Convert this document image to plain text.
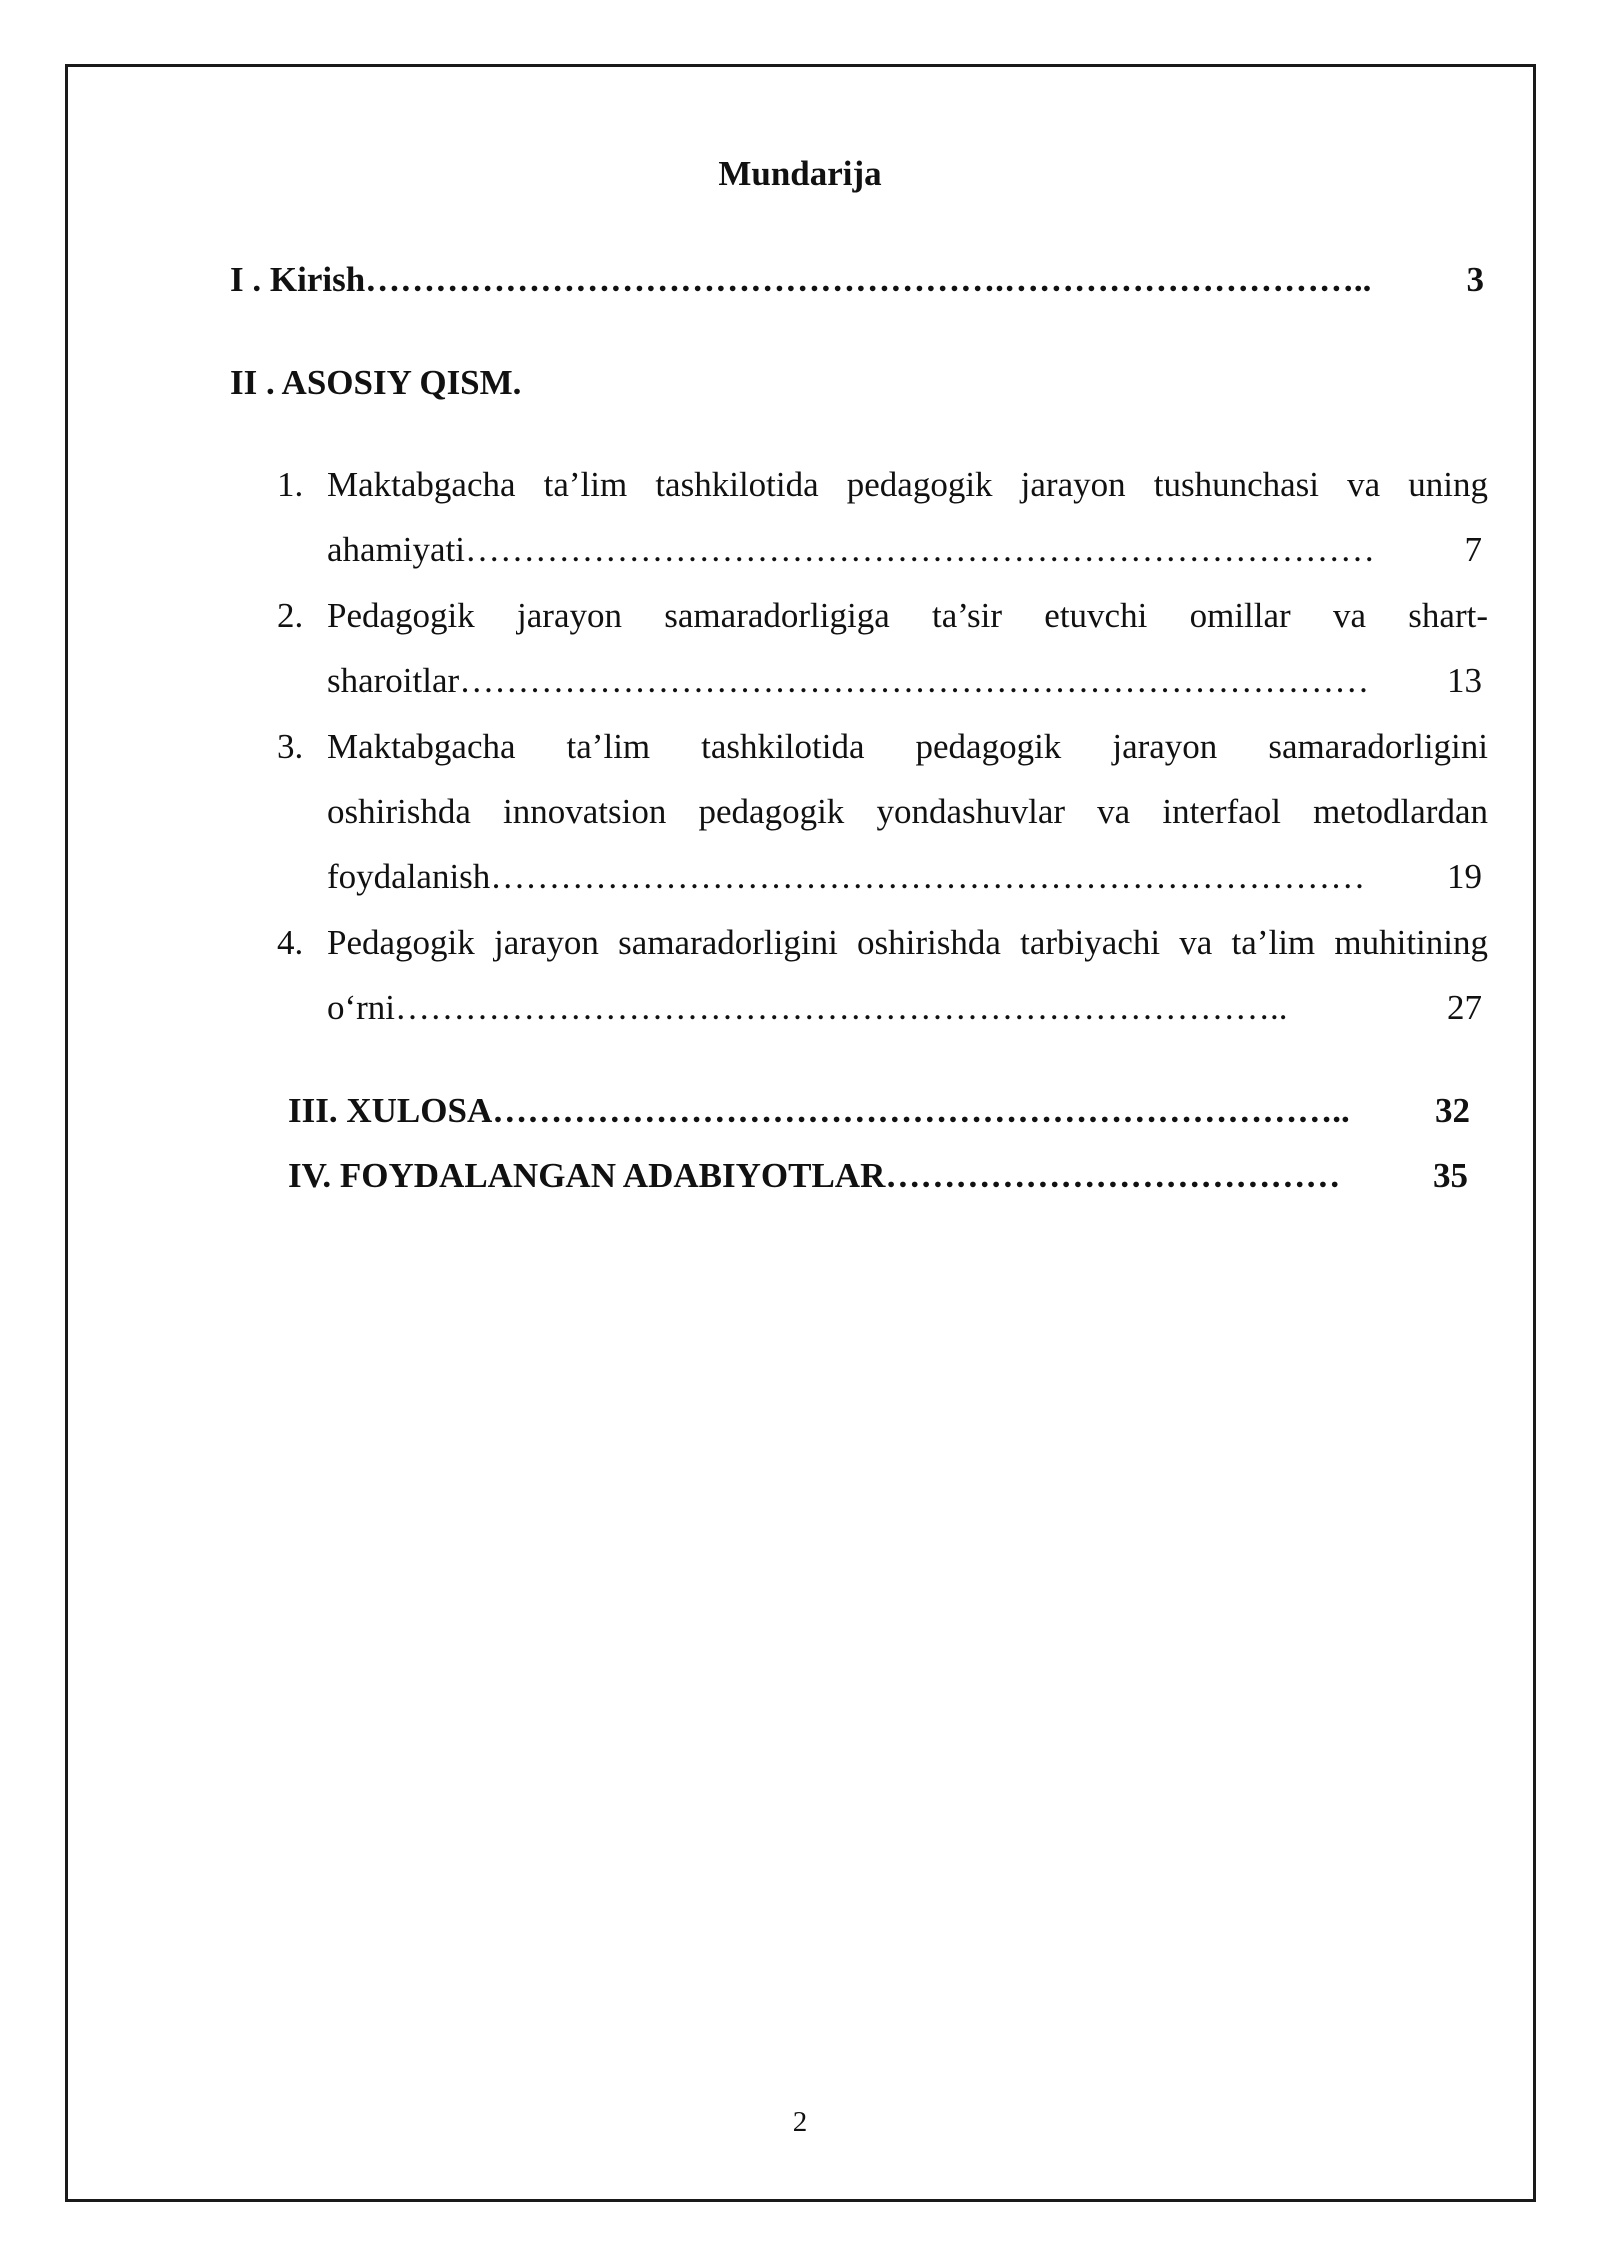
Mundarija
I . Kirish ……………………………………………….…………………………..	3
II . ASOSIY QISM.
1. Maktabgacha ta’lim tashkilotida pedagogik jarayon tushunchasi va uning
ahamiyati ……………………………………………………………………	7
2. Pedagogik jarayon samaradorligiga ta’sir etuvchi omillar va shart-
sharoitlar ……………………………………………………………………	13
3. Maktabgacha ta’lim tashkilotida pedagogik jarayon samaradorligini
oshirishda innovatsion pedagogik yondashuvlar va interfaol metodlardan
foydalanish …………………………………………………………………	19
4. Pedagogik jarayon samaradorligini oshirishda tarbiyachi va ta’lim muhitining
o‘rni …………………………………………………………………..	27
III. XULOSA ………………………………………………………………..	32
IV. FOYDALANGAN ADABIYOTLAR …………………………………	35
2
